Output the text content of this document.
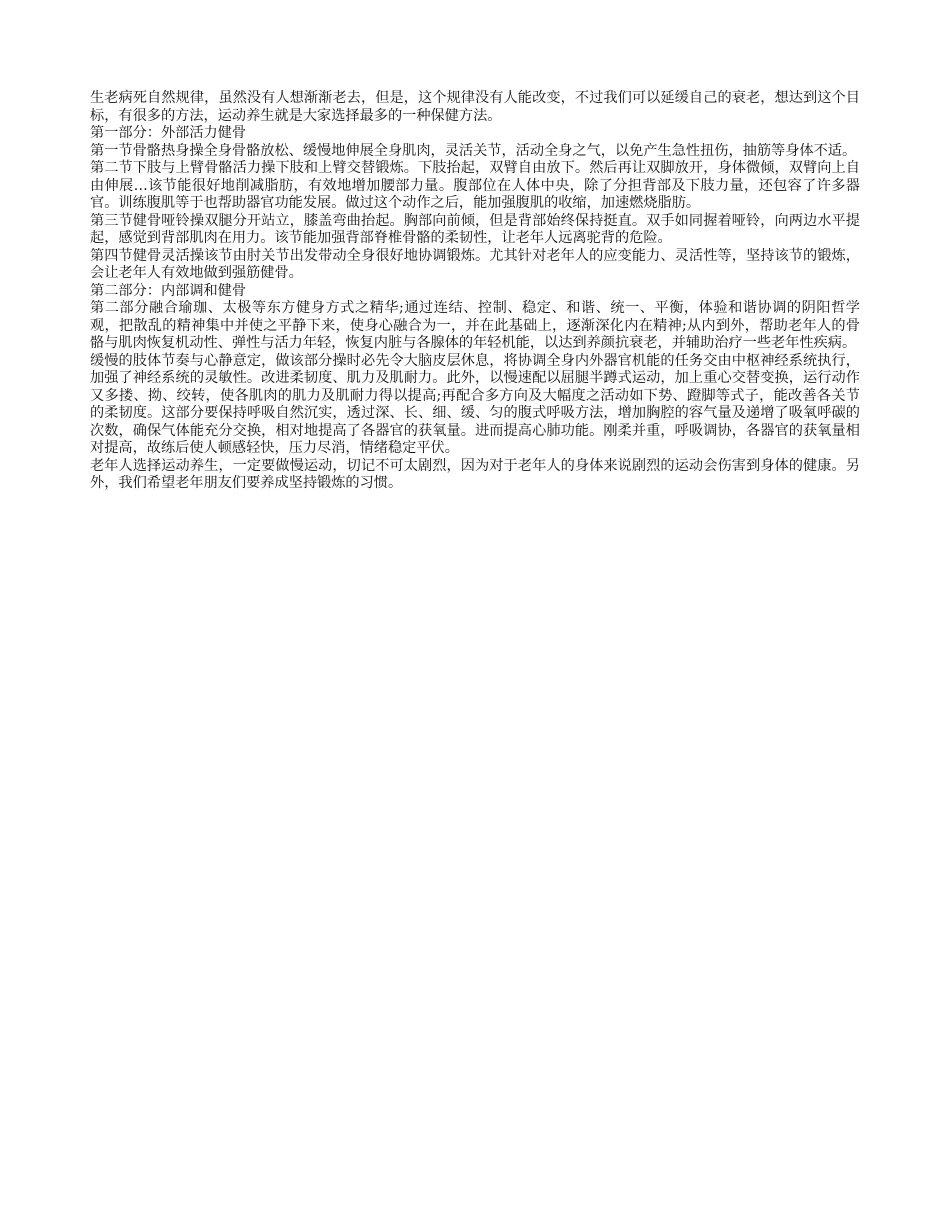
生老病死自然规律，虽然没有人想渐渐老去，但是，这个规律没有人能改变，不过我们可以延缓自己的衰老，想达到这个目标，有很多的方法，运动养生就是大家选择最多的一种保健方法。

第一部分：外部活力健骨

第一节骨骼热身操全身骨骼放松、缓慢地伸展全身肌肉，灵活关节，活动全身之气，以免产生急性扭伤，抽筋等身体不适。

第二节下肢与上臂骨骼活力操下肢和上臂交替锻炼。下肢抬起，双臂自由放下。然后再让双脚放开，身体微倾，双臂向上自由伸展…该节能很好地削减脂肪，有效地增加腰部力量。腹部位在人体中央，除了分担背部及下肢力量，还包容了许多器官。训练腹肌等于也帮助器官功能发展。做过这个动作之后，能加强腹肌的收缩，加速燃烧脂肪。

第三节健骨哑铃操双腿分开站立，膝盖弯曲抬起。胸部向前倾，但是背部始终保持挺直。双手如同握着哑铃，向两边水平提起，感觉到背部肌肉在用力。该节能加强背部脊椎骨骼的柔韧性，让老年人远离驼背的危险。

第四节健骨灵活操该节由肘关节出发带动全身很好地协调锻炼。尤其针对老年人的应变能力、灵活性等，坚持该节的锻炼，会让老年人有效地做到强筋健骨。

第二部分：内部调和健骨

第二部分融合瑜珈、太极等东方健身方式之精华;通过连结、控制、稳定、和谐、统一、平衡，体验和谐协调的阴阳哲学观，把散乱的精神集中并使之平静下来，使身心融合为一，并在此基础上，逐渐深化内在精神;从内到外，帮助老年人的骨骼与肌肉恢复机动性、弹性与活力年轻，恢复内脏与各腺体的年轻机能，以达到养颜抗衰老，并辅助治疗一些老年性疾病。

缓慢的肢体节奏与心静意定，做该部分操时必先令大脑皮层休息，将协调全身内外器官机能的任务交由中枢神经系统执行，加强了神经系统的灵敏性。改进柔韧度、肌力及肌耐力。此外，以慢速配以屈腿半蹲式运动，加上重心交替变换，运行动作又多搂、拗、绞转，使各肌肉的肌力及肌耐力得以提高;再配合多方向及大幅度之活动如下势、蹬脚等式子，能改善各关节的柔韧度。这部分要保持呼吸自然沉实，透过深、长、细、缓、匀的腹式呼吸方法，增加胸腔的容气量及递增了吸氧呼碳的次数，确保气体能充分交换，相对地提高了各器官的获氧量。进而提高心肺功能。刚柔并重，呼吸调协，各器官的获氧量相对提高，故练后使人顿感轻快，压力尽消，情绪稳定平伏。

老年人选择运动养生，一定要做慢运动，切记不可太剧烈，因为对于老年人的身体来说剧烈的运动会伤害到身体的健康。另外，我们希望老年朋友们要养成坚持锻炼的习惯。
